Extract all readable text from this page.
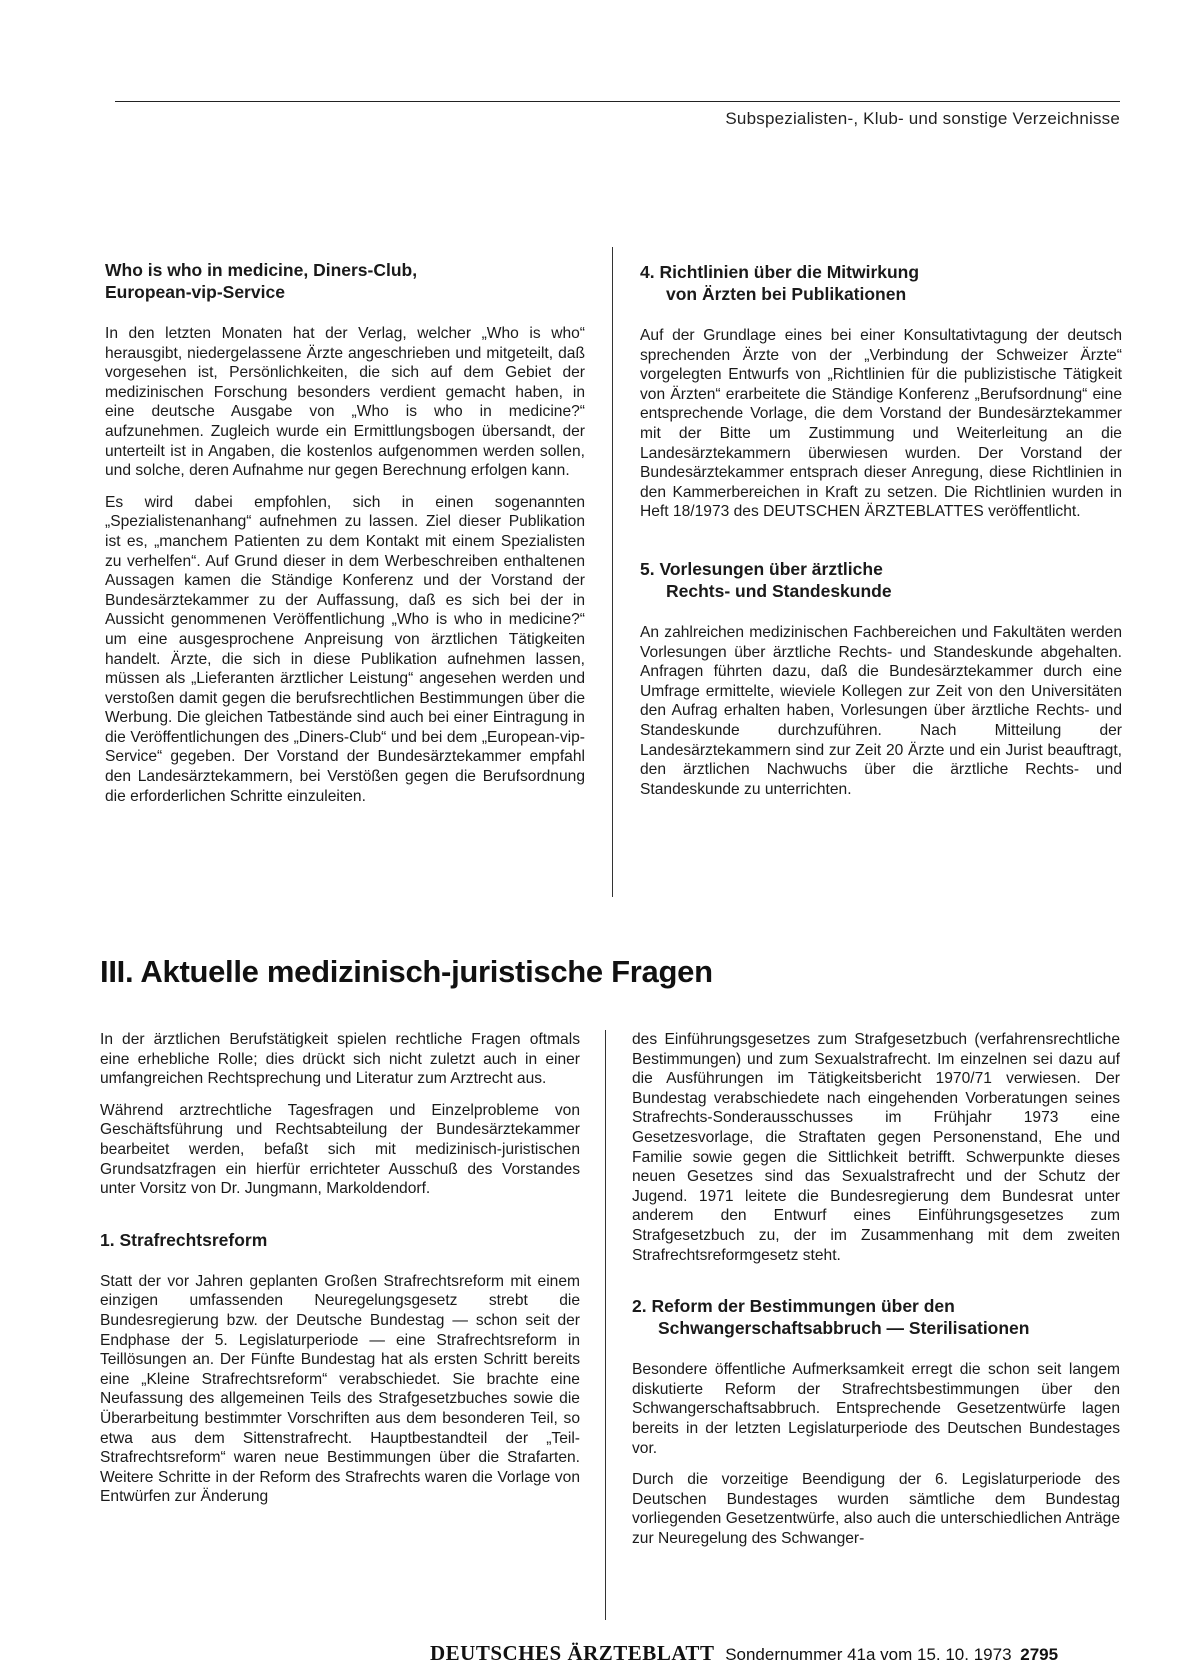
Subspezialisten-, Klub- und sonstige Verzeichnisse
Who is who in medicine, Diners-Club,
European-vip-Service

In den letzten Monaten hat der Verlag, welcher „Who is who“ herausgibt, niedergelassene Ärzte angeschrieben und mitgeteilt, daß vorgesehen ist, Persönlichkeiten, die sich auf dem Gebiet der medizinischen Forschung besonders verdient gemacht haben, in eine deutsche Ausgabe von „Who is who in medicine?“ aufzunehmen. Zugleich wurde ein Ermittlungsbogen übersandt, der unterteilt ist in Angaben, die kostenlos aufgenommen werden sollen, und solche, deren Aufnahme nur gegen Berechnung erfolgen kann.

Es wird dabei empfohlen, sich in einen sogenannten „Spezialistenanhang“ aufnehmen zu lassen. Ziel dieser Publikation ist es, „manchem Patienten zu dem Kontakt mit einem Spezialisten zu verhelfen“. Auf Grund dieser in dem Werbeschreiben enthaltenen Aussagen kamen die Ständige Konferenz und der Vorstand der Bundesärztekammer zu der Auffassung, daß es sich bei der in Aussicht genommenen Veröffentlichung „Who is who in medicine?“ um eine ausgesprochene Anpreisung von ärztlichen Tätigkeiten handelt. Ärzte, die sich in diese Publikation aufnehmen lassen, müssen als „Lieferanten ärztlicher Leistung“ angesehen werden und verstoßen damit gegen die berufsrechtlichen Bestimmungen über die Werbung. Die gleichen Tatbestände sind auch bei einer Eintragung in die Veröffentlichungen des „Diners-Club“ und bei dem „European-vip-Service“ gegeben. Der Vorstand der Bundesärztekammer empfahl den Landesärztekammern, bei Verstößen gegen die Berufsordnung die erforderlichen Schritte einzuleiten.

4. Richtlinien über die Mitwirkung
von Ärzten bei Publikationen

Auf der Grundlage eines bei einer Konsultativtagung der deutsch sprechenden Ärzte von der „Verbindung der Schweizer Ärzte“ vorgelegten Entwurfs von „Richtlinien für die publizistische Tätigkeit von Ärzten“ erarbeitete die Ständige Konferenz „Berufsordnung“ eine entsprechende Vorlage, die dem Vorstand der Bundesärztekammer mit der Bitte um Zustimmung und Weiterleitung an die Landesärztekammern überwiesen wurden. Der Vorstand der Bundesärztekammer entsprach dieser Anregung, diese Richtlinien in den Kammerbereichen in Kraft zu setzen. Die Richtlinien wurden in Heft 18/1973 des DEUTSCHEN ÄRZTEBLATTES veröffentlicht.

5. Vorlesungen über ärztliche
Rechts- und Standeskunde

An zahlreichen medizinischen Fachbereichen und Fakultäten werden Vorlesungen über ärztliche Rechts- und Standeskunde abgehalten. Anfragen führten dazu, daß die Bundesärztekammer durch eine Umfrage ermittelte, wieviele Kollegen zur Zeit von den Universitäten den Aufrag erhalten haben, Vorlesungen über ärztliche Rechts- und Standeskunde durchzuführen. Nach Mitteilung der Landesärztekammern sind zur Zeit 20 Ärzte und ein Jurist beauftragt, den ärztlichen Nachwuchs über die ärztliche Rechts- und Standeskunde zu unterrichten.

III. Aktuelle medizinisch-juristische Fragen

In der ärztlichen Berufstätigkeit spielen rechtliche Fragen oftmals eine erhebliche Rolle; dies drückt sich nicht zuletzt auch in einer umfangreichen Rechtsprechung und Literatur zum Arztrecht aus.

Während arztrechtliche Tagesfragen und Einzelprobleme von Geschäftsführung und Rechtsabteilung der Bundesärztekammer bearbeitet werden, befaßt sich mit medizinisch-juristischen Grundsatzfragen ein hierfür errichteter Ausschuß des Vorstandes unter Vorsitz von Dr. Jungmann, Markoldendorf.

1. Strafrechtsreform

Statt der vor Jahren geplanten Großen Strafrechtsreform mit einem einzigen umfassenden Neuregelungsgesetz strebt die Bundesregierung bzw. der Deutsche Bundestag — schon seit der Endphase der 5. Legislaturperiode — eine Strafrechtsreform in Teillösungen an. Der Fünfte Bundestag hat als ersten Schritt bereits eine „Kleine Strafrechtsreform“ verabschiedet. Sie brachte eine Neufassung des allgemeinen Teils des Strafgesetzbuches sowie die Überarbeitung bestimmter Vorschriften aus dem besonderen Teil, so etwa aus dem Sittenstrafrecht. Hauptbestandteil der „Teil-Strafrechtsreform“ waren neue Bestimmungen über die Strafarten. Weitere Schritte in der Reform des Strafrechts waren die Vorlage von Entwürfen zur Änderung

des Einführungsgesetzes zum Strafgesetzbuch (verfahrensrechtliche Bestimmungen) und zum Sexualstrafrecht. Im einzelnen sei dazu auf die Ausführungen im Tätigkeitsbericht 1970/71 verwiesen. Der Bundestag verabschiedete nach eingehenden Vorberatungen seines Strafrechts-Sonderausschusses im Frühjahr 1973 eine Gesetzesvorlage, die Straftaten gegen Personenstand, Ehe und Familie sowie gegen die Sittlichkeit betrifft. Schwerpunkte dieses neuen Gesetzes sind das Sexualstrafrecht und der Schutz der Jugend. 1971 leitete die Bundesregierung dem Bundesrat unter anderem den Entwurf eines Einführungsgesetzes zum Strafgesetzbuch zu, der im Zusammenhang mit dem zweiten Strafrechtsreformgesetz steht.

2. Reform der Bestimmungen über den
Schwangerschaftsabbruch — Sterilisationen

Besondere öffentliche Aufmerksamkeit erregt die schon seit langem diskutierte Reform der Strafrechtsbestimmungen über den Schwangerschaftsabbruch. Entsprechende Gesetzentwürfe lagen bereits in der letzten Legislaturperiode des Deutschen Bundestages vor.

Durch die vorzeitige Beendigung der 6. Legislaturperiode des Deutschen Bundestages wurden sämtliche dem Bundestag vorliegenden Gesetzentwürfe, also auch die unterschiedlichen Anträge zur Neuregelung des Schwanger-

DEUTSCHES ÄRZTEBLATT Sondernummer 41a vom 15. 10. 1973 2795
